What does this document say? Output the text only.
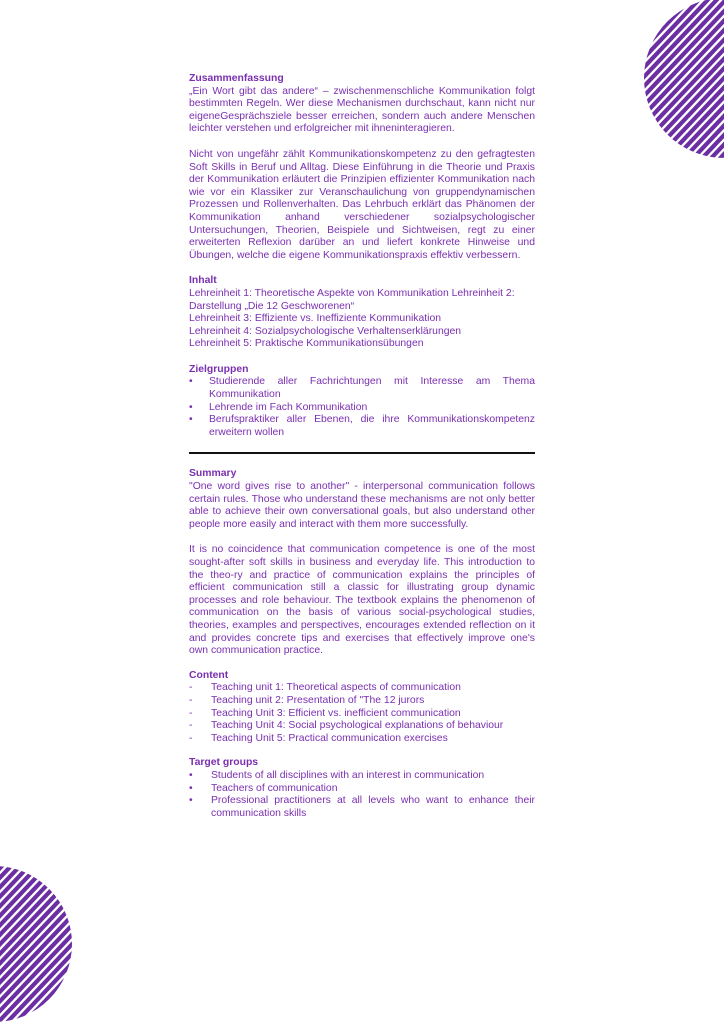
Zusammenfassung

„Ein Wort gibt das andere“ – zwischenmenschliche Kommunikation folgt bestimmten Regeln. Wer diese Mechanismen durchschaut, kann nicht nur eigeneGesprächsziele besser erreichen, sondern auch andere Menschen leichter verstehen und erfolgreicher mit ihneninteragieren.

Nicht von ungefähr zählt Kommunikationskompetenz zu den gefragtesten Soft Skills in Beruf und Alltag. Diese Einführung in die Theorie und Praxis der Kommunikation erläutert die Prinzipien effizienter Kommunikation nach wie vor ein Klassiker zur Veranschaulichung von gruppendynamischen Prozessen und Rollenverhalten. Das Lehrbuch erklärt das Phänomen der Kommunikation anhand verschiedener sozialpsychologischer Untersuchungen, Theorien, Beispiele und Sichtweisen, regt zu einer erweiterten Reflexion darüber an und liefert konkrete Hinweise und Übungen, welche die eigene Kommunikationspraxis effektiv verbessern.

Inhalt

Lehreinheit 1: Theoretische Aspekte von Kommunikation Lehreinheit 2: Darstellung „Die 12 Geschworenen“

Lehreinheit 3: Effiziente vs. Ineffiziente Kommunikation

Lehreinheit 4: Sozialpsychologische Verhaltenserklärungen

Lehreinheit 5: Praktische Kommunikationsübungen

Zielgruppen

• Studierende aller Fachrichtungen mit Interesse am Thema Kommunikation
• Lehrende im Fach Kommunikation
• Berufspraktiker aller Ebenen, die ihre Kommunikationskompetenz erweitern wollen

Summary

"One word gives rise to another" - interpersonal communication follows certain rules. Those who understand these mechanisms are not only better able to achieve their own conversational goals, but also understand other people more easily and interact with them more successfully.

It is no coincidence that communication competence is one of the most sought-after soft skills in business and everyday life. This introduction to the theo-ry and practice of communication explains the principles of efficient communication still a classic for illustrating group dynamic processes and role behaviour. The textbook explains the phenomenon of communication on the basis of various social-psychological studies, theories, examples and perspectives, encourages extended reflection on it and provides concrete tips and exercises that effectively improve one's own communication practice.

Content

- Teaching unit 1: Theoretical aspects of communication
- Teaching unit 2: Presentation of "The 12 jurors
- Teaching Unit 3: Efficient vs. inefficient communication
- Teaching Unit 4: Social psychological explanations of behaviour
- Teaching Unit 5: Practical communication exercises

Target groups

• Students of all disciplines with an interest in communication
• Teachers of communication
• Professional practitioners at all levels who want to enhance their communication skills
